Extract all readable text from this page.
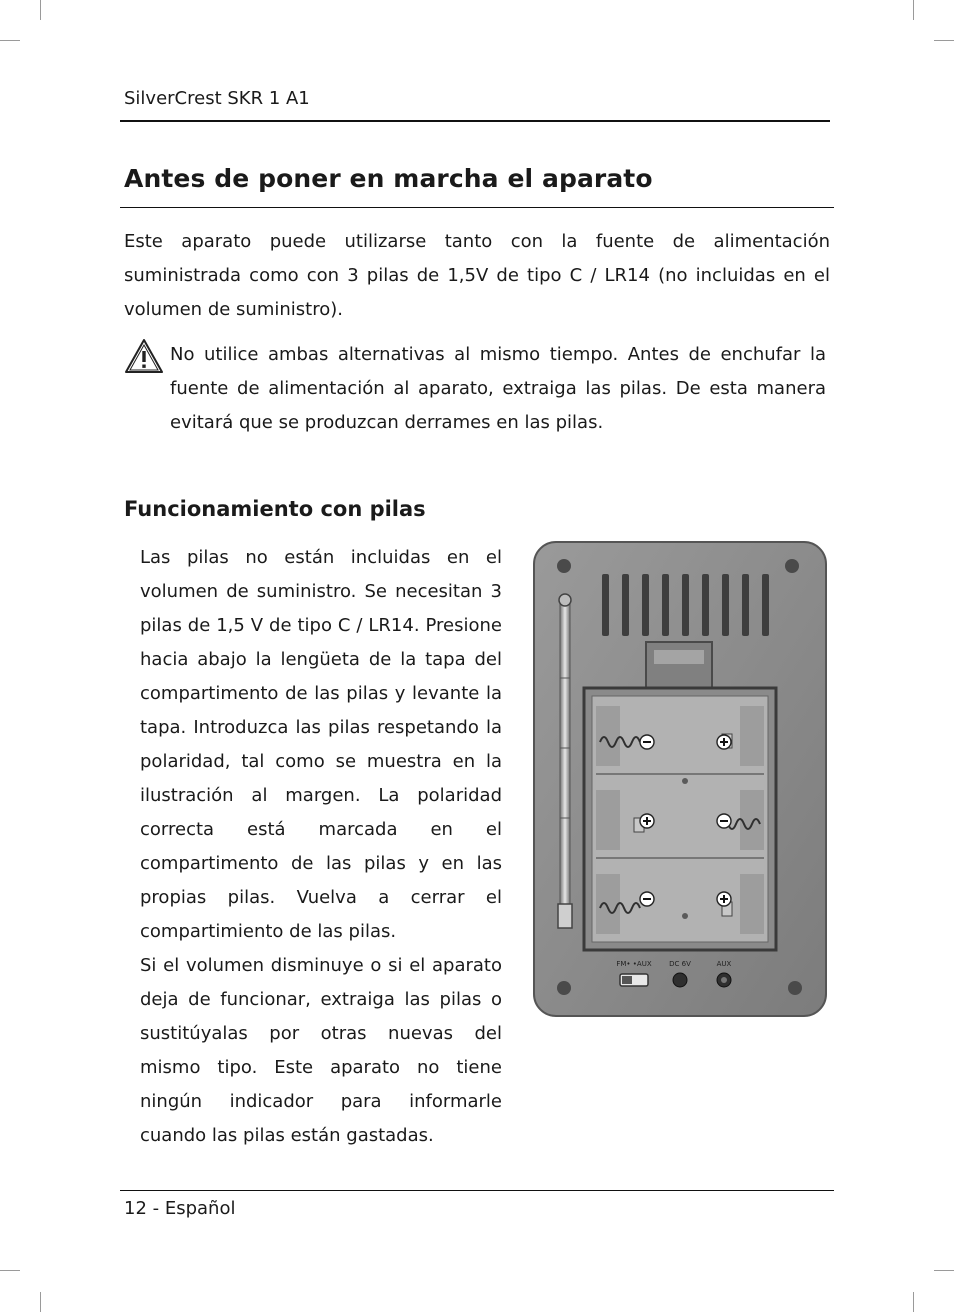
SilverCrest SKR 1 A1
Antes de poner en marcha el aparato

Este aparato puede utilizarse tanto con la fuente de alimentación suministrada como con 3 pilas de 1,5V de tipo C / LR14 (no incluidas en el volumen de suministro).

No utilice ambas alternativas al mismo tiempo. Antes de enchufar la fuente de alimentación al aparato, extraiga las pilas. De esta manera evitará que se produzcan derrames en las pilas.

Funcionamiento con pilas

Las pilas no están incluidas en el volumen de suministro. Se necesitan 3 pilas de 1,5 V de tipo C / LR14. Presione hacia abajo la lengüeta de la tapa del compartimento de las pilas y levante la tapa. Introduzca las pilas respetando la polaridad, tal como se muestra en la ilustración al margen. La polaridad correcta está marcada en el compartimento de las pilas y en las propias pilas. Vuelva a cerrar el compartimiento de las pilas.

Si el volumen disminuye o si el aparato deja de funcionar, extraiga las pilas o sustitúyalas por otras nuevas del mismo tipo. Este aparato no tiene ningún indicador para informarle cuando las pilas están gastadas.

FM• •AUX DC 6V	AUX
12 - Español
